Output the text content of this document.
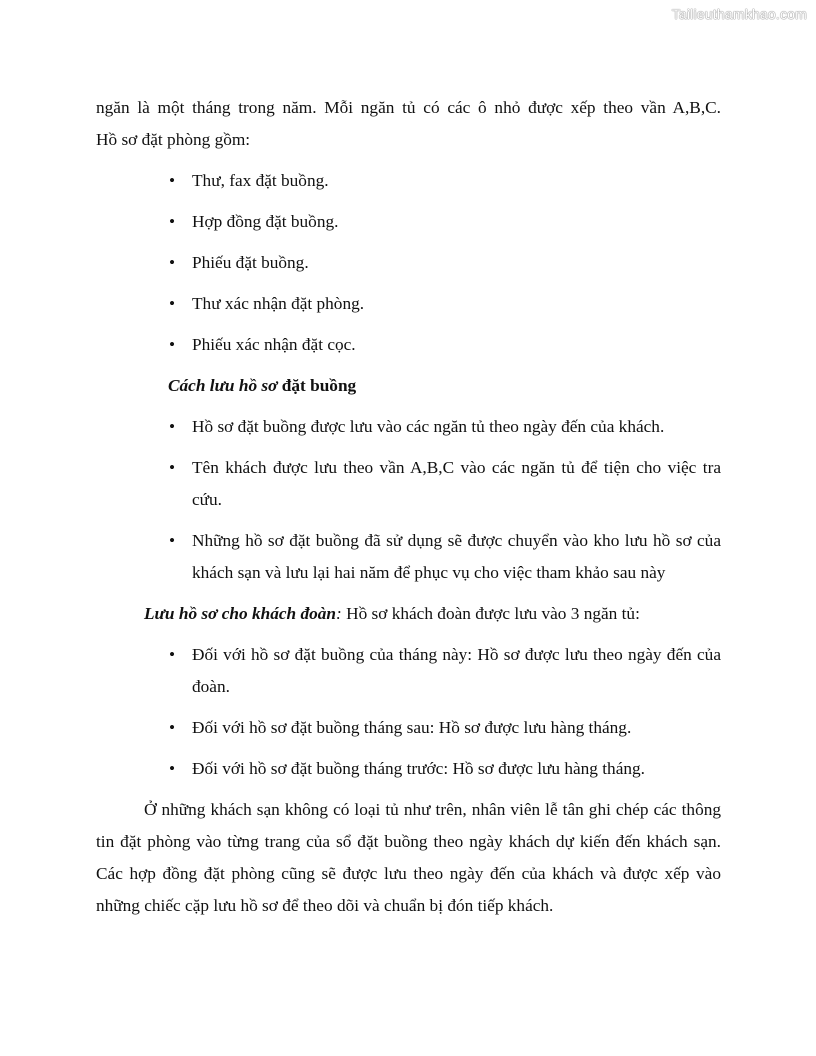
Tailieuthamkhao.com

ngăn là một tháng trong năm. Mỗi ngăn tủ có các ô nhỏ được xếp theo vần A,B,C.

Hồ sơ đặt phòng gồm:

• Thư, fax đặt buồng.
• Hợp đồng đặt buồng.
• Phiếu đặt buồng.
• Thư xác nhận đặt phòng.
• Phiếu xác nhận đặt cọc.

Cách lưu hồ sơ đặt buồng

• Hồ sơ đặt buồng được lưu vào các ngăn tủ theo ngày đến của khách.
• Tên khách được lưu theo vần A,B,C vào các ngăn tủ để tiện cho việc tra cứu.
• Những hồ sơ đặt buồng đã sử dụng sẽ được chuyển vào kho lưu hồ sơ của khách sạn và lưu lại hai năm để phục vụ cho việc tham khảo sau này

Lưu hồ sơ cho khách đoàn: Hồ sơ khách đoàn được lưu vào 3 ngăn tủ:

• Đối với hồ sơ đặt buồng của tháng này: Hồ sơ được lưu theo ngày đến của đoàn.
• Đối với hồ sơ đặt buồng tháng sau: Hồ sơ được lưu hàng tháng.
• Đối với hồ sơ đặt buồng tháng trước: Hồ sơ được lưu hàng tháng.

Ở những khách sạn không có loại tủ như trên, nhân viên lễ tân ghi chép các thông tin đặt phòng vào từng trang của sổ đặt buồng theo ngày khách dự kiến đến khách sạn. Các hợp đồng đặt phòng cũng sẽ được lưu theo ngày đến của khách và được xếp vào những chiếc cặp lưu hồ sơ để theo dõi và chuẩn bị đón tiếp khách.
